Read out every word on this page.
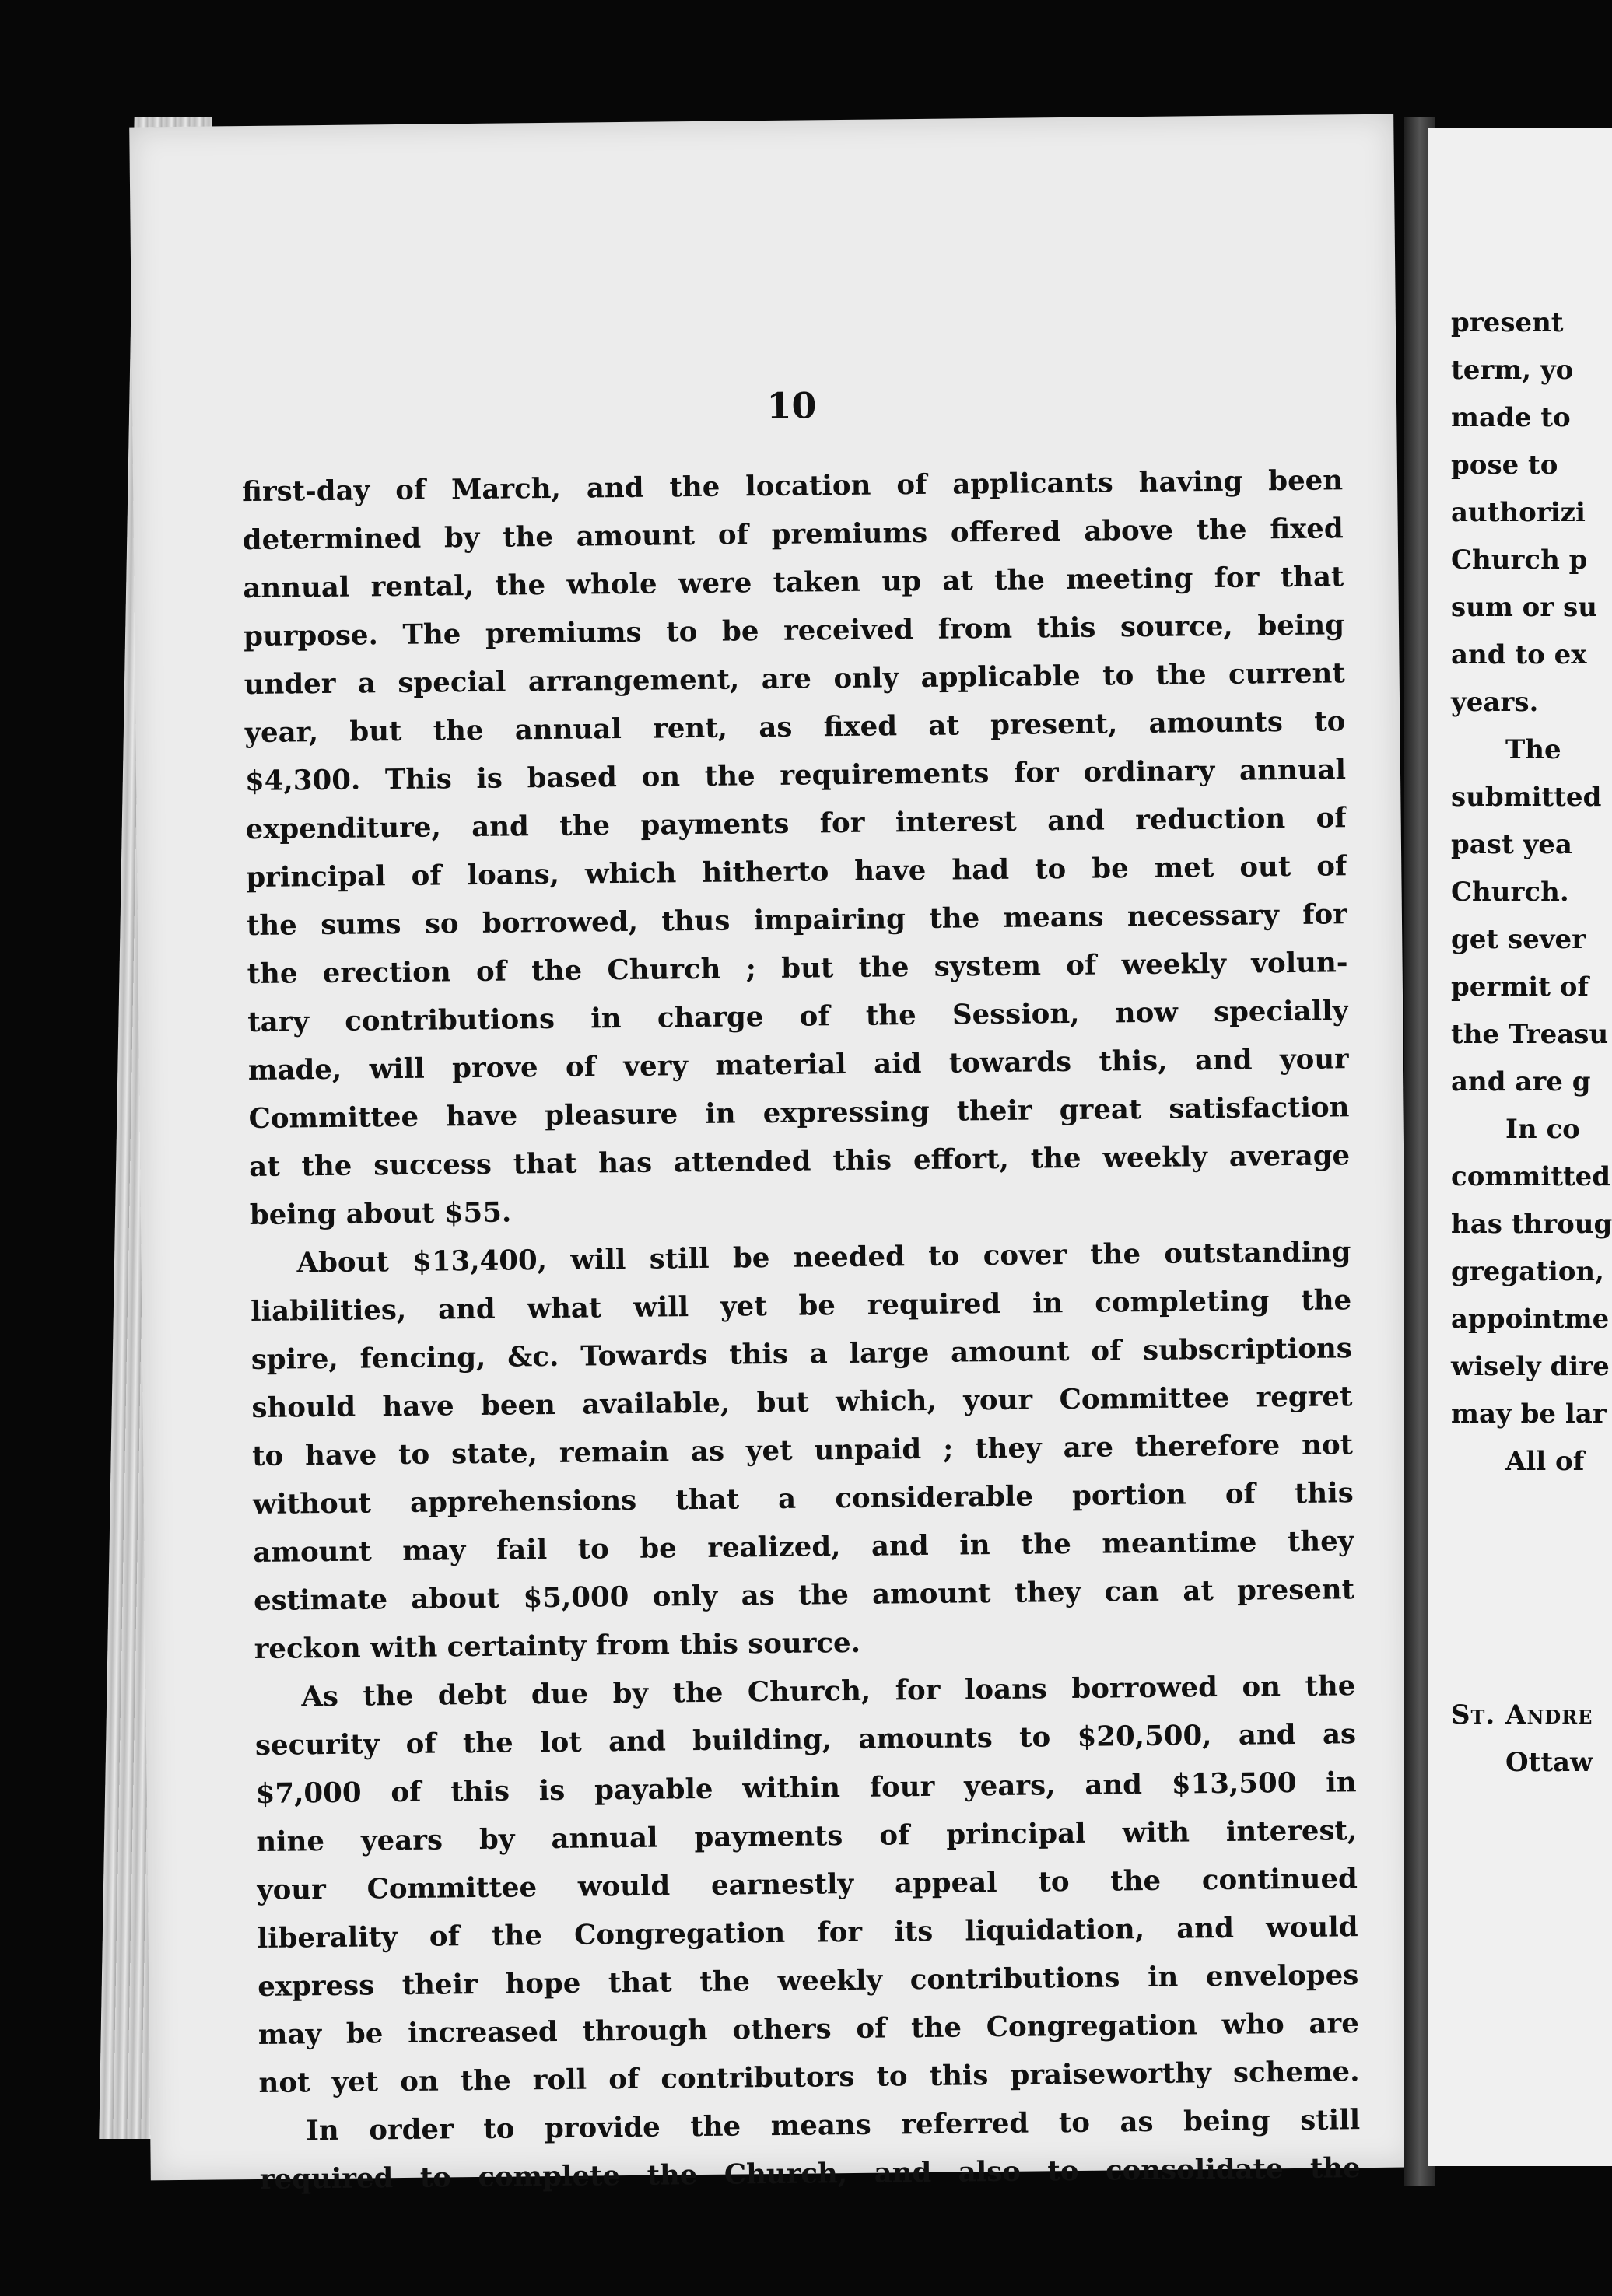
10
first-day of March, and the location of applicants having been
determined by the amount of premiums offered above the fixed
annual rental, the whole were taken up at the meeting for that
purpose. The premiums to be received from this source, being
under a special arrangement, are only applicable to the current
year, but the annual rent, as fixed at present, amounts to
$4,300. This is based on the requirements for ordinary annual
expenditure, and the payments for interest and reduction of
principal of loans, which hitherto have had to be met out of
the sums so borrowed, thus impairing the means necessary for
the erection of the Church ; but the system of weekly volun-
tary contributions in charge of the Session, now specially
made, will prove of very material aid towards this, and your
Committee have pleasure in expressing their great satisfaction
at the success that has attended this effort, the weekly average
being about $55.
About $13,400, will still be needed to cover the outstanding
liabilities, and what will yet be required in completing the
spire, fencing, &c. Towards this a large amount of subscriptions
should have been available, but which, your Committee regret
to have to state, remain as yet unpaid ; they are therefore not
without apprehensions that a considerable portion of this
amount may fail to be realized, and in the meantime they
estimate about $5,000 only as the amount they can at present
reckon with certainty from this source.
As the debt due by the Church, for loans borrowed on the
security of the lot and building, amounts to $20,500, and as
$7,000 of this is payable within four years, and $13,500 in
nine years by annual payments of principal with interest,
your Committee would earnestly appeal to the continued
liberality of the Congregation for its liquidation, and would
express their hope that the weekly contributions in envelopes
may be increased through others of the Congregation who are
not yet on the roll of contributors to this praiseworthy scheme.
In order to provide the means referred to as being still
required to complete the Church, and also to consolidate the
present
term, yo
made to
pose to
authorizi
Church p
sum or su
and to ex
years.
The
submitted
past yea
Church.
get sever
permit of
the Treasu
and are g
In co
committed
has throug
gregation,
appointme
wisely dire
may be lar
All of
St. Andre
Ottaw
